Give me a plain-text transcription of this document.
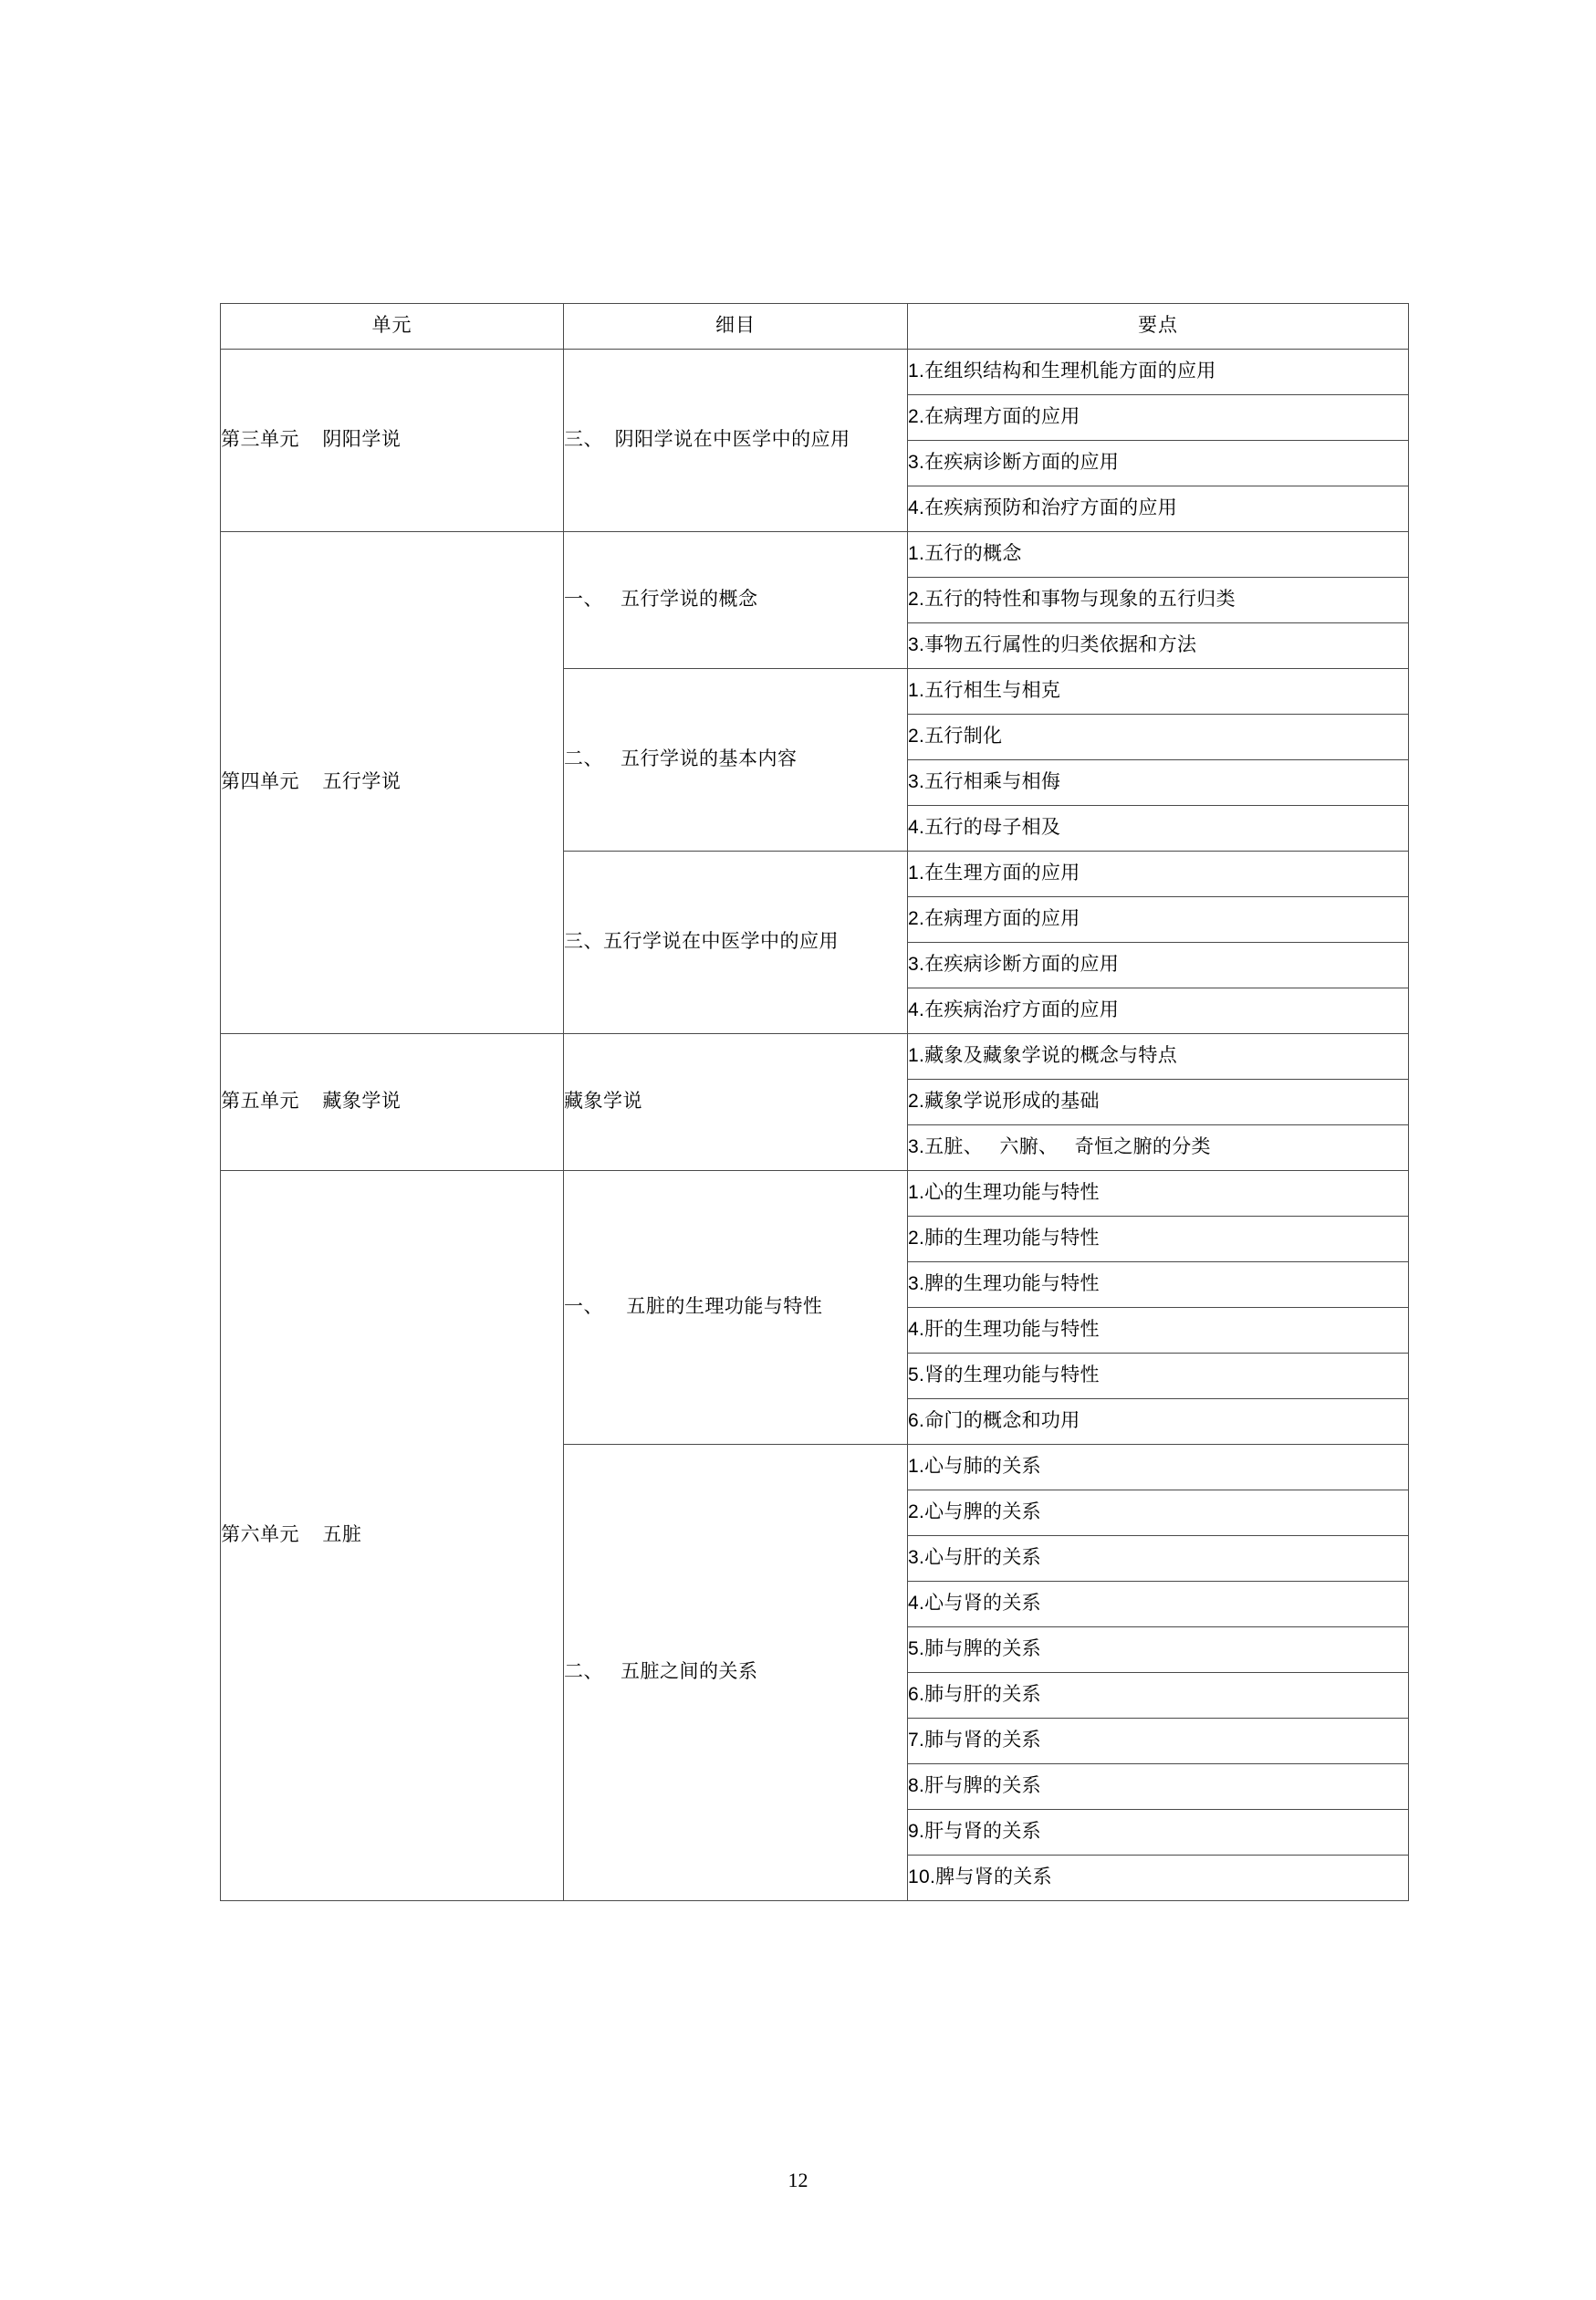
单元	细目	要点
第三单元    阴阳学说	三、  阴阳学说在中医学中的应用	1.在组织结构和生理机能方面的应用
		2.在病理方面的应用
		3.在疾病诊断方面的应用
		4.在疾病预防和治疗方面的应用
第四单元    五行学说	一、   五行学说的概念	1.五行的概念
		2.五行的特性和事物与现象的五行归类
		3.事物五行属性的归类依据和方法
	二、   五行学说的基本内容	1.五行相生与相克
		2.五行制化
		3.五行相乘与相侮
		4.五行的母子相及
	三、五行学说在中医学中的应用	1.在生理方面的应用
		2.在病理方面的应用
		3.在疾病诊断方面的应用
		4.在疾病治疗方面的应用
第五单元    藏象学说	藏象学说	1.藏象及藏象学说的概念与特点
		2.藏象学说形成的基础
		3.五脏、   六腑、   奇恒之腑的分类
第六单元    五脏	一、    五脏的生理功能与特性	1.心的生理功能与特性
		2.肺的生理功能与特性
		3.脾的生理功能与特性
		4.肝的生理功能与特性
		5.肾的生理功能与特性
		6.命门的概念和功用
	二、   五脏之间的关系	1.心与肺的关系
		2.心与脾的关系
		3.心与肝的关系
		4.心与肾的关系
		5.肺与脾的关系
		6.肺与肝的关系
		7.肺与肾的关系
		8.肝与脾的关系
		9.肝与肾的关系
		10.脾与肾的关系
12
